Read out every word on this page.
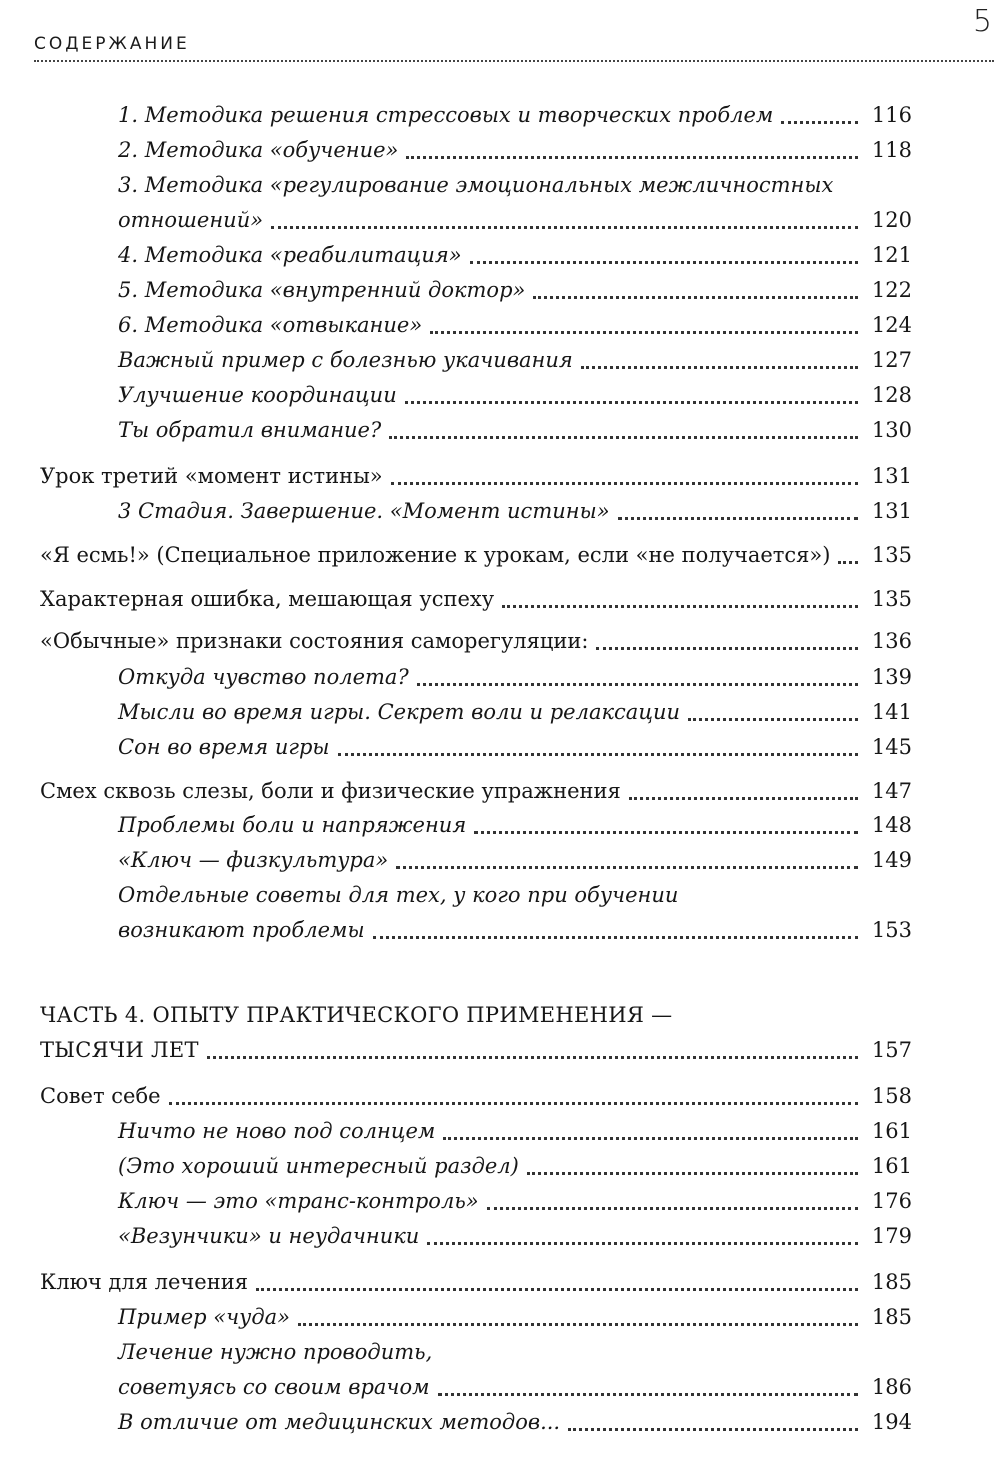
СОДЕРЖАНИЕ
5
1. Методика решения стрессовых и творческих проблем	116
2. Методика «обучение»	118
3. Методика «регулирование эмоциональных межличностных
отношений»	120
4. Методика «реабилитация»	121
5. Методика «внутренний доктор»	122
6. Методика «отвыкание»	124
Важный пример с болезнью укачивания	127
Улучшение координации	128
Ты обратил внимание?	130
Урок третий «момент истины»	131
3 Стадия. Завершение. «Момент истины»	131
«Я есмь!» (Специальное приложение к урокам, если «не получается»)	135
Характерная ошибка, мешающая успеху	135
«Обычные» признаки состояния саморегуляции:	136
Откуда чувство полета?	139
Мысли во время игры. Секрет воли и релаксации	141
Сон во время игры	145
Смех сквозь слезы, боли и физические упражнения	147
Проблемы боли и напряжения	148
«Ключ — физкультура»	149
Отдельные советы для тех, у кого при обучении
возникают проблемы	153
ЧАСТЬ 4. ОПЫТУ ПРАКТИЧЕСКОГО ПРИМЕНЕНИЯ —
ТЫСЯЧИ ЛЕТ	157
Совет себе	158
Ничто не ново под солнцем	161
(Это хороший интересный раздел)	161
Ключ — это «транс-контроль»	176
«Везунчики» и неудачники	179
Ключ для лечения	185
Пример «чуда»	185
Лечение нужно проводить,
советуясь со своим врачом	186
В отличие от медицинских методов...	194
